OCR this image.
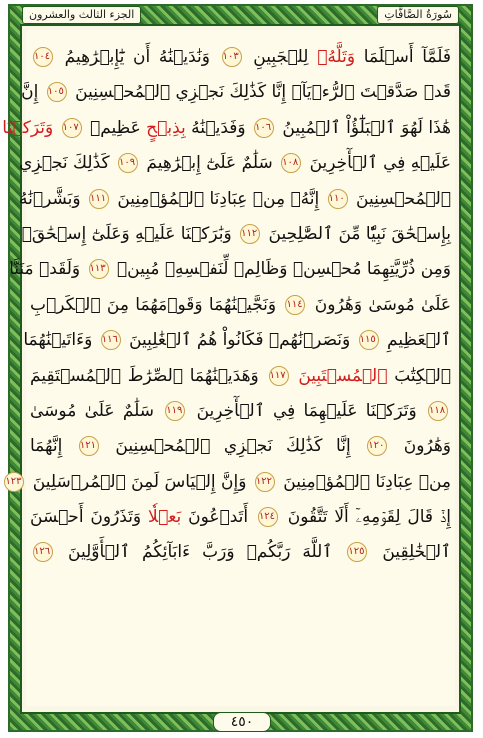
الجزء الثالث والعشرون	سُورَةُ الصَّافَّاتِ
فَلَمَّآ أَسۡلَمَا وَتَلَّهُۥ لِلۡجَبِينِ ١٠٣ وَنَٰدَيۡنَٰهُ أَن يَٰٓإِبۡرَٰهِيمُ ١٠٤
قَدۡ صَدَّقۡتَ ٱلرُّءۡيَآۚ إِنَّا كَذَٰلِكَ نَجۡزِي ٱلۡمُحۡسِنِينَ ١٠٥ إِنَّ
هَٰذَا لَهُوَ ٱلۡبَلَٰٓؤُاْ ٱلۡمُبِينُ ١٠٦ وَفَدَيۡنَٰهُ بِذِبۡحٍ عَظِيمٖ ١٠٧ وَتَرَكۡنَا
عَلَيۡهِ فِي ٱلۡأٓخِرِينَ ١٠٨ سَلَٰمٌ عَلَىٰٓ إِبۡرَٰهِيمَ ١٠٩ كَذَٰلِكَ نَجۡزِي
ٱلۡمُحۡسِنِينَ ١١٠ إِنَّهُۥ مِنۡ عِبَادِنَا ٱلۡمُؤۡمِنِينَ ١١١ وَبَشَّرۡنَٰهُ
بِإِسۡحَٰقَ نَبِيّٗا مِّنَ ٱلصَّٰلِحِينَ ١١٢ وَبَٰرَكۡنَا عَلَيۡهِ وَعَلَىٰٓ إِسۡحَٰقَۚ
وَمِن ذُرِّيَّتِهِمَا مُحۡسِنٞ وَظَالِمٞ لِّنَفۡسِهِۦ مُبِينٞ ١١٣ وَلَقَدۡ مَنَنَّا
عَلَىٰ مُوسَىٰ وَهَٰرُونَ ١١٤ وَنَجَّيۡنَٰهُمَا وَقَوۡمَهُمَا مِنَ ٱلۡكَرۡبِ
ٱلۡعَظِيمِ ١١٥ وَنَصَرۡنَٰهُمۡ فَكَانُواْ هُمُ ٱلۡغَٰلِبِينَ ١١٦ وَءَاتَيۡنَٰهُمَا
ٱلۡكِتَٰبَ ٱلۡمُسۡتَبِينَ ١١٧ وَهَدَيۡنَٰهُمَا ٱلصِّرَٰطَ ٱلۡمُسۡتَقِيمَ
١١٨ وَتَرَكۡنَا عَلَيۡهِمَا فِي ٱلۡأٓخِرِينَ ١١٩ سَلَٰمٌ عَلَىٰ مُوسَىٰ
وَهَٰرُونَ ١٢٠ إِنَّا كَذَٰلِكَ نَجۡزِي ٱلۡمُحۡسِنِينَ ١٢١ إِنَّهُمَا
مِنۡ عِبَادِنَا ٱلۡمُؤۡمِنِينَ ١٢٢ وَإِنَّ إِلۡيَاسَ لَمِنَ ٱلۡمُرۡسَلِينَ ١٢٣
إِذۡ قَالَ لِقَوۡمِهِۦٓ أَلَا تَتَّقُونَ ١٢٤ أَتَدۡعُونَ بَعۡلٗا وَتَذَرُونَ أَحۡسَنَ
ٱلۡخَٰلِقِينَ ١٢٥ ٱللَّهَ رَبَّكُمۡ وَرَبَّ ءَابَآئِكُمُ ٱلۡأَوَّلِينَ ١٢٦
٤٥٠
